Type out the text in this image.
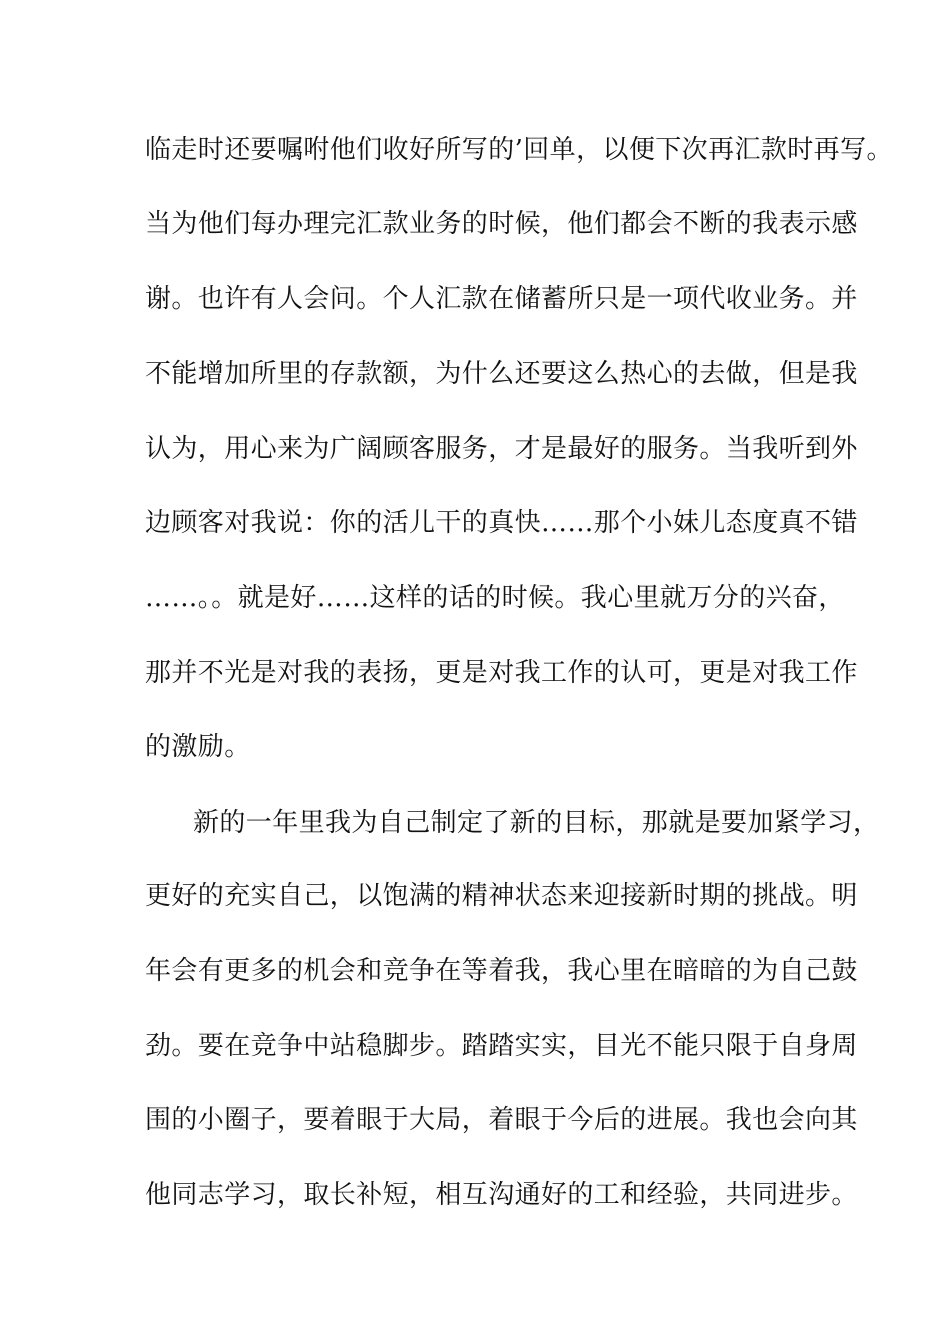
临走时还要嘱咐他们收好所写的’回单，以便下次再汇款时再写。
当为他们每办理完汇款业务的时候，他们都会不断的我表示感
谢。也许有人会问。个人汇款在储蓄所只是一项代收业务。并
不能增加所里的存款额，为什么还要这么热心的去做，但是我
认为，用心来为广阔顾客服务，才是最好的服务。当我听到外
边顾客对我说：你的活儿干的真快……那个小妹儿态度真不错
……。。就是好……这样的话的时候。我心里就万分的兴奋，
那并不光是对我的表扬，更是对我工作的认可，更是对我工作
的激励。
新的一年里我为自己制定了新的目标，那就是要加紧学习，
更好的充实自己，以饱满的精神状态来迎接新时期的挑战。明
年会有更多的机会和竞争在等着我，我心里在暗暗的为自己鼓
劲。要在竞争中站稳脚步。踏踏实实，目光不能只限于自身周
围的小圈子，要着眼于大局，着眼于今后的进展。我也会向其
他同志学习，取长补短，相互沟通好的工和经验，共同进步。
